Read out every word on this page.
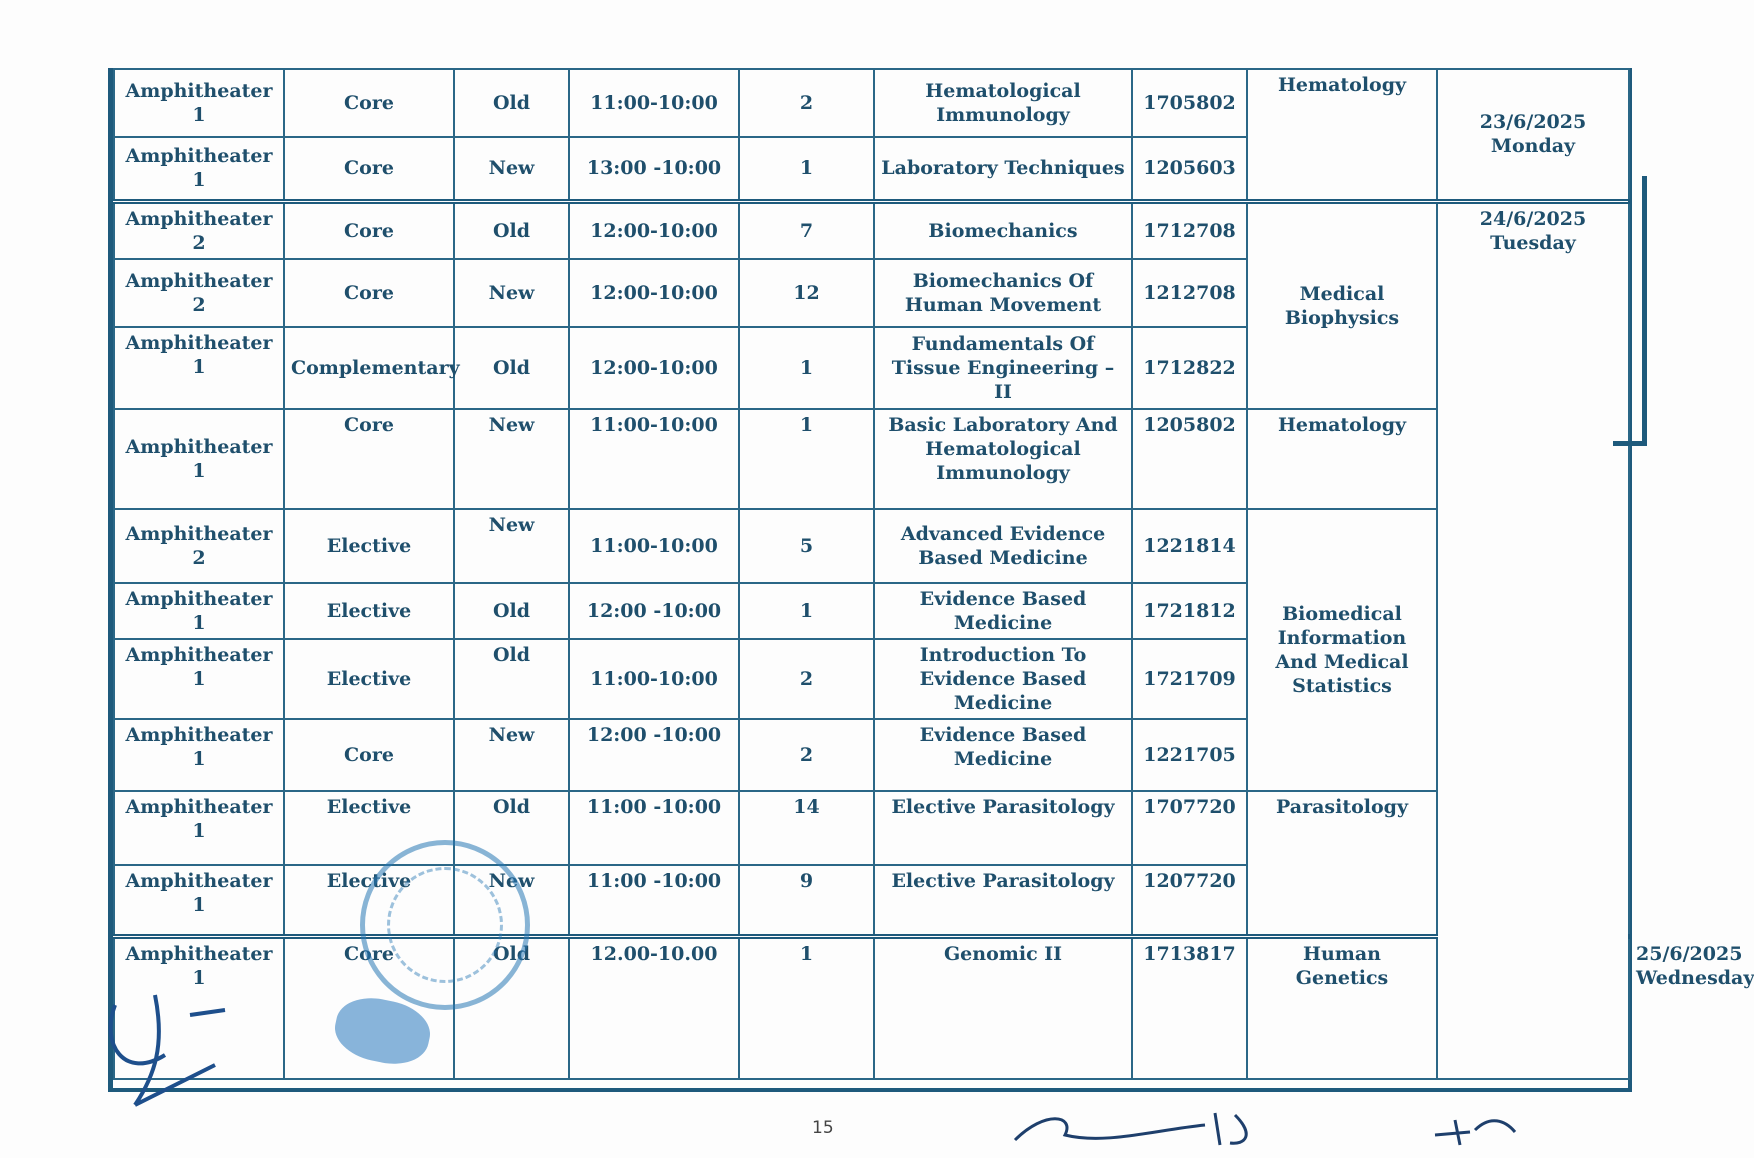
Amphitheater 1	Core	Old	11:00-10:00	2	Hematological Immunology	1705802	Hematology	23/6/2025
Monday	

Amphitheater 1	Core	New	13:00 -10:00	1	Laboratory Techniques	1205603			
Amphitheater 2	Core	Old	12:00-10:00	7	Biomechanics	1712708	Medical Biophysics	24/6/2025
Tuesday	

Amphitheater 2	Core	New	12:00-10:00	12	Biomechanics Of Human Movement	1212708			
Amphitheater 1	Complementary	Old	12:00-10:00	1	Fundamentals Of Tissue Engineering – II	1712822			
Amphitheater 1	Core	New	11:00-10:00	1	Basic Laboratory And Hematological Immunology	1205802	Hematology		
Amphitheater 2	Elective	New	11:00-10:00	5	Advanced Evidence Based Medicine	1221814	Biomedical Information And Medical Statistics		
Amphitheater 1	Elective	Old	12:00 -10:00	1	Evidence Based Medicine	1721812			
Amphitheater 1	Elective	Old	11:00-10:00	2	Introduction To Evidence Based Medicine	1721709			
Amphitheater 1	Core	New	12:00 -10:00	2	Evidence Based Medicine	1221705			
Amphitheater 1	Elective	Old	11:00 -10:00	14	Elective Parasitology	1707720	Parasitology		
Amphitheater 1	Elective	New	11:00 -10:00	9	Elective Parasitology	1207720			
Amphitheater 1	Core	Old	12.00-10.00	1	Genomic II	1713817	Human Genetics		25/6/2025
Wednesday
15
